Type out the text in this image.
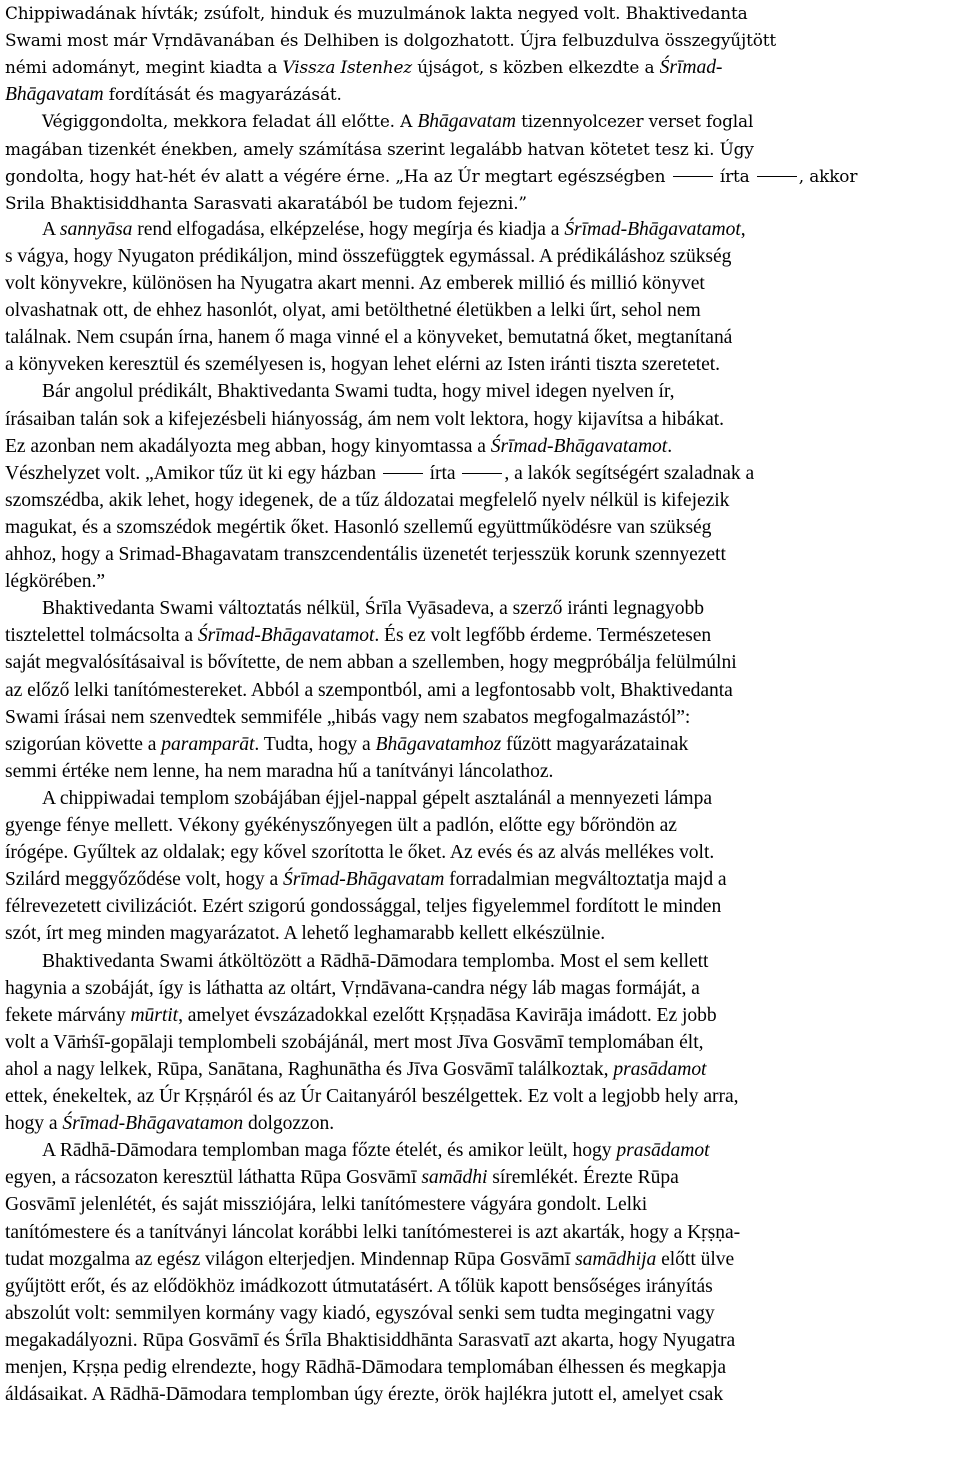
Chippiwadának hívták; zsúfolt, hinduk és muzulmánok lakta negyed volt. Bhaktivedanta
Swami most már Vṛndāvanában és Delhiben is dolgozhatott. Újra felbuzdulva összegyűjtött
némi adományt, megint kiadta a Vissza Istenhez újságot, s közben elkezdte a Śrīmad-
Bhāgavatam fordítását és magyarázását.
Végiggondolta, mekkora feladat áll előtte. A Bhāgavatam tizennyolcezer verset foglal
magában tizenkét énekben, amely számítása szerint legalább hatvan kötetet tesz ki. Úgy
gondolta, hogy hat-hét év alatt a végére érne. „Ha az Úr megtart egészségben	írta	, akkor
Srila Bhaktisiddhanta Sarasvati akaratából be tudom fejezni.”
A sannyāsa rend elfogadása, elképzelése, hogy megírja és kiadja a Śrīmad-Bhāgavatamot,
s vágya, hogy Nyugaton prédikáljon, mind összefüggtek egymással. A prédikáláshoz szükség
volt könyvekre, különösen ha Nyugatra akart menni. Az emberek millió és millió könyvet
olvashatnak ott, de ehhez hasonlót, olyat, ami betölthetné életükben a lelki űrt, sehol nem
találnak. Nem csupán írna, hanem ő maga vinné el a könyveket, bemutatná őket, megtanítaná
a könyveken keresztül és személyesen is, hogyan lehet elérni az Isten iránti tiszta szeretetet.
Bár angolul prédikált, Bhaktivedanta Swami tudta, hogy mivel idegen nyelven ír,
írásaiban talán sok a kifejezésbeli hiányosság, ám nem volt lektora, hogy kijavítsa a hibákat.
Ez azonban nem akadályozta meg abban, hogy kinyomtassa a Śrīmad-Bhāgavatamot.
Vészhelyzet volt. „Amikor tűz üt ki egy házban  írta , a lakók segítségért szaladnak a
szomszédba, akik lehet, hogy idegenek, de a tűz áldozatai megfelelő nyelv nélkül is kifejezik
magukat, és a szomszédok megértik őket. Hasonló szellemű együttműködésre van szükség
ahhoz, hogy a Srimad-Bhagavatam transzcendentális üzenetét terjesszük korunk szennyezett
légkörében.”
Bhaktivedanta Swami változtatás nélkül, Śrīla Vyāsadeva, a szerző iránti legnagyobb
tisztelettel tolmácsolta a Śrīmad-Bhāgavatamot. És ez volt legfőbb érdeme. Természetesen
saját megvalósításaival is bővítette, de nem abban a szellemben, hogy megpróbálja felülmúlni
az előző lelki tanítómestereket. Abból a szempontból, ami a legfontosabb volt, Bhaktivedanta
Swami írásai nem szenvedtek semmiféle „hibás vagy nem szabatos megfogalmazástól”:
szigorúan követte a paramparāt. Tudta, hogy a Bhāgavatamhoz fűzött magyarázatainak
semmi értéke nem lenne, ha nem maradna hű a tanítványi láncolathoz.
A chippiwadai templom szobájában éjjel-nappal gépelt asztalánál a mennyezeti lámpa
gyenge fénye mellett. Vékony gyékényszőnyegen ült a padlón, előtte egy bőröndön az
írógépe. Gyűltek az oldalak; egy kővel szorította le őket. Az evés és az alvás mellékes volt.
Szilárd meggyőződése volt, hogy a Śrīmad-Bhāgavatam forradalmian megváltoztatja majd a
félrevezetett civilizációt. Ezért szigorú gondossággal, teljes figyelemmel fordított le minden
szót, írt meg minden magyarázatot. A lehető leghamarabb kellett elkészülnie.
Bhaktivedanta Swami átköltözött a Rādhā-Dāmodara templomba. Most el sem kellett
hagynia a szobáját, így is láthatta az oltárt, Vṛndāvana-candra négy láb magas formáját, a
fekete márvány mūrtit, amelyet évszázadokkal ezelőtt Kṛṣṇadāsa Kavirāja imádott. Ez jobb
volt a Vāṁśī-gopālaji templombeli szobájánál, mert most Jīva Gosvāmī templomában élt,
ahol a nagy lelkek, Rūpa, Sanātana, Raghunātha és Jīva Gosvāmī találkoztak, prasādamot
ettek, énekeltek, az Úr Kṛṣṇáról és az Úr Caitanyáról beszélgettek. Ez volt a legjobb hely arra,
hogy a Śrīmad-Bhāgavatamon dolgozzon.
A Rādhā-Dāmodara templomban maga főzte ételét, és amikor leült, hogy prasādamot
egyen, a rácsozaton keresztül láthatta Rūpa Gosvāmī samādhi síremlékét. Érezte Rūpa
Gosvāmī jelenlétét, és saját missziójára, lelki tanítómestere vágyára gondolt. Lelki
tanítómestere és a tanítványi láncolat korábbi lelki tanítómesterei is azt akarták, hogy a Kṛṣṇa-
tudat mozgalma az egész világon elterjedjen. Mindennap Rūpa Gosvāmī samādhija előtt ülve
gyűjtött erőt, és az elődökhöz imádkozott útmutatásért. A tőlük kapott bensőséges irányítás
abszolút volt: semmilyen kormány vagy kiadó, egyszóval senki sem tudta megingatni vagy
megakadályozni. Rūpa Gosvāmī és Śrīla Bhaktisiddhānta Sarasvatī azt akarta, hogy Nyugatra
menjen, Kṛṣṇa pedig elrendezte, hogy Rādhā-Dāmodara templomában élhessen és megkapja
áldásaikat. A Rādhā-Dāmodara templomban úgy érezte, örök hajlékra jutott el, amelyet csak
